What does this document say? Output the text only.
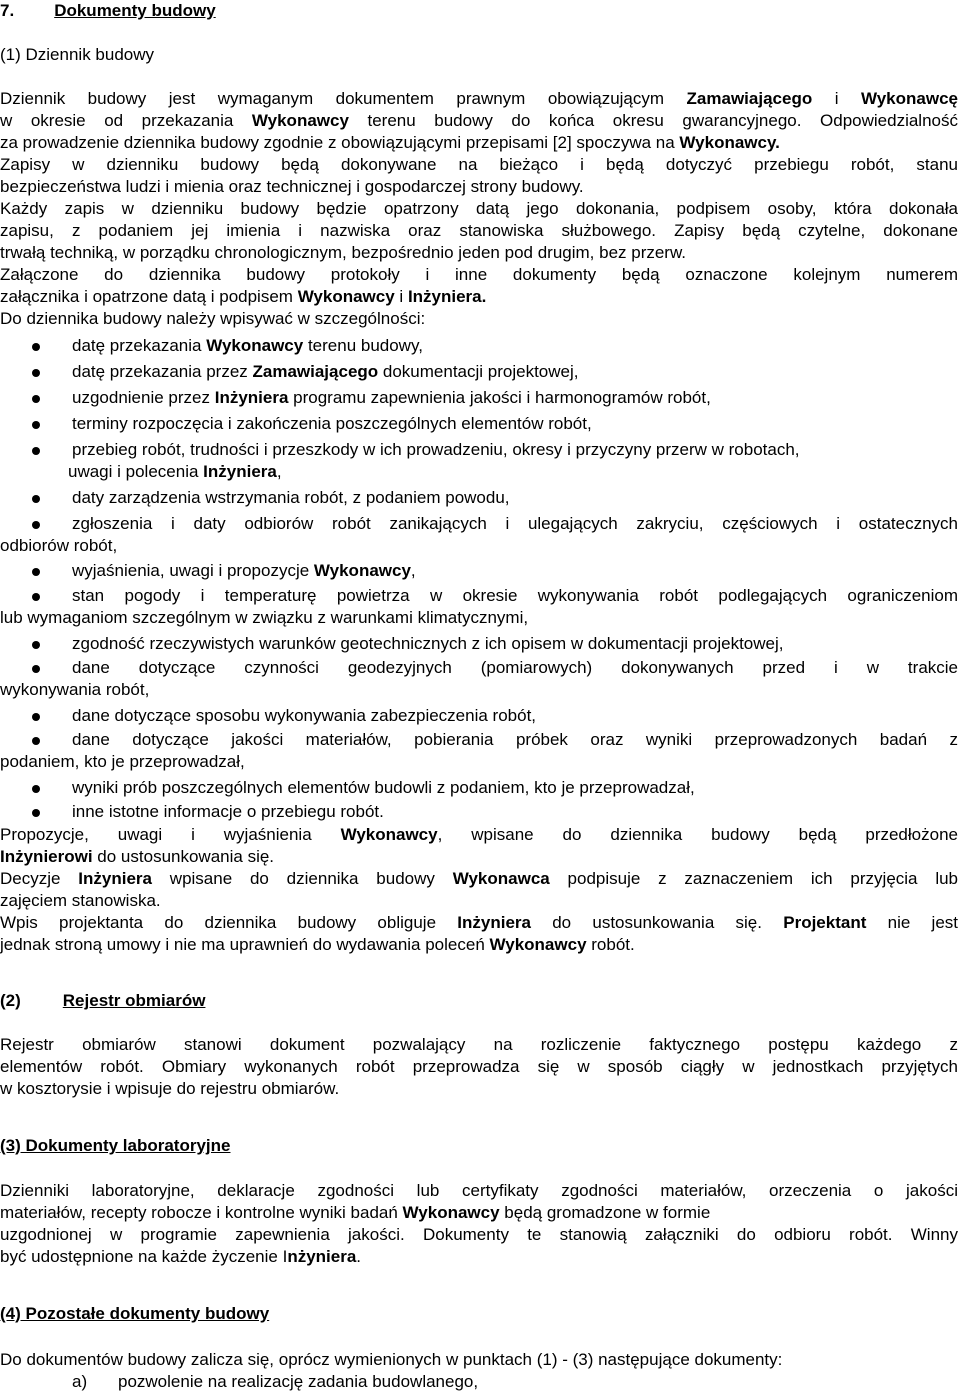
7. Dokumenty budowy
(1) Dziennik budowy
Dziennik budowy jest wymaganym dokumentem prawnym obowiązującym Zamawiającego i Wykonawcę
w okresie od przekazania Wykonawcy terenu budowy do końca okresu gwarancyjnego. Odpowiedzialność
za prowadzenie dziennika budowy zgodnie z obowiązującymi przepisami [2] spoczywa na Wykonawcy.
Zapisy w dzienniku budowy będą dokonywane na bieżąco i będą dotyczyć przebiegu robót, stanu
bezpieczeństwa ludzi i mienia oraz technicznej i gospodarczej strony budowy.
Każdy zapis w dzienniku budowy będzie opatrzony datą jego dokonania, podpisem osoby, która dokonała
zapisu, z podaniem jej imienia i nazwiska oraz stanowiska służbowego. Zapisy będą czytelne, dokonane
trwałą techniką, w porządku chronologicznym, bezpośrednio jeden pod drugim, bez przerw.
Załączone do dziennika budowy protokoły i inne dokumenty będą oznaczone kolejnym numerem
załącznika i opatrzone datą i podpisem Wykonawcy i Inżyniera.
Do dziennika budowy należy wpisywać w szczególności:
datę przekazania Wykonawcy terenu budowy,
datę przekazania przez Zamawiającego dokumentacji projektowej,
uzgodnienie przez Inżyniera programu zapewnienia jakości i harmonogramów robót,
terminy rozpoczęcia i zakończenia poszczególnych elementów robót,
przebieg robót, trudności i przeszkody w ich prowadzeniu, okresy i przyczyny przerw w robotach,
uwagi i polecenia Inżyniera,
daty zarządzenia wstrzymania robót, z podaniem powodu,
zgłoszenia i daty odbiorów robót zanikających i ulegających zakryciu, częściowych i ostatecznych
odbiorów robót,
wyjaśnienia, uwagi i propozycje Wykonawcy,
stan pogody i temperaturę powietrza w okresie wykonywania robót podlegających ograniczeniom
lub wymaganiom szczególnym w związku z warunkami klimatycznymi,
zgodność rzeczywistych warunków geotechnicznych z ich opisem w dokumentacji projektowej,
dane dotyczące czynności geodezyjnych (pomiarowych) dokonywanych przed i w trakcie
wykonywania robót,
dane dotyczące sposobu wykonywania zabezpieczenia robót,
dane dotyczące jakości materiałów, pobierania próbek oraz wyniki przeprowadzonych badań z
podaniem, kto je przeprowadzał,
wyniki prób poszczególnych elementów budowli z podaniem, kto je przeprowadzał,
inne istotne informacje o przebiegu robót.
Propozycje, uwagi i wyjaśnienia Wykonawcy, wpisane do dziennika budowy będą przedłożone
Inżynierowi do ustosunkowania się.
Decyzje Inżyniera wpisane do dziennika budowy Wykonawca podpisuje z zaznaczeniem ich przyjęcia lub
zajęciem stanowiska.
Wpis projektanta do dziennika budowy obliguje Inżyniera do ustosunkowania się. Projektant nie jest
jednak stroną umowy i nie ma uprawnień do wydawania poleceń Wykonawcy robót.
(2) Rejestr obmiarów
Rejestr obmiarów stanowi dokument pozwalający na rozliczenie faktycznego postępu każdego z
elementów robót. Obmiary wykonanych robót przeprowadza się w sposób ciągły w jednostkach przyjętych
w kosztorysie i wpisuje do rejestru obmiarów.
(3) Dokumenty laboratoryjne
Dzienniki laboratoryjne, deklaracje zgodności lub certyfikaty zgodności materiałów, orzeczenia o jakości
materiałów, recepty robocze i kontrolne wyniki badań Wykonawcy będą gromadzone w formie
uzgodnionej w programie zapewnienia jakości. Dokumenty te stanowią załączniki do odbioru robót. Winny
być udostępnione na każde życzenie Inżyniera.
(4) Pozostałe dokumenty budowy
Do dokumentów budowy zalicza się, oprócz wymienionych w punktach (1) - (3) następujące dokumenty:
a) pozwolenie na realizację zadania budowlanego,
